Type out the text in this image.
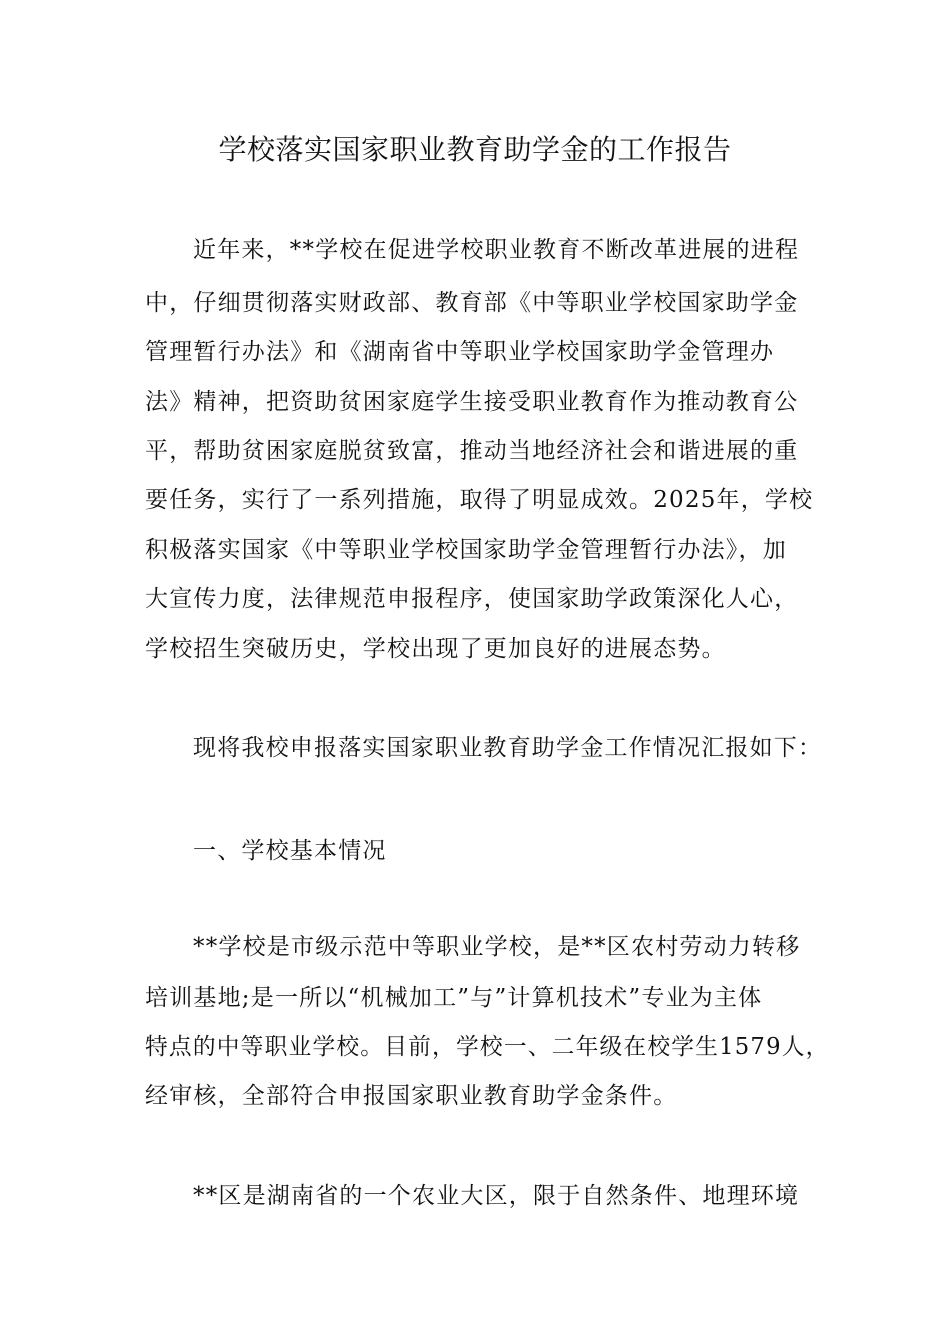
学校落实国家职业教育助学金的工作报告
近年来，**学校在促进学校职业教育不断改革进展的进程
中，仔细贯彻落实财政部、教育部《中等职业学校国家助学金
管理暂行办法》和《湖南省中等职业学校国家助学金管理办
法》精神，把资助贫困家庭学生接受职业教育作为推动教育公
平，帮助贫困家庭脱贫致富，推动当地经济社会和谐进展的重
要任务，实行了一系列措施，取得了明显成效。2025年，学校
积极落实国家《中等职业学校国家助学金管理暂行办法》，加
大宣传力度，法律规范申报程序，使国家助学政策深化人心，
学校招生突破历史，学校出现了更加良好的进展态势。
现将我校申报落实国家职业教育助学金工作情况汇报如下：
一、学校基本情况
**学校是市级示范中等职业学校，是**区农村劳动力转移
培训基地;是一所以“机械加工”与”计算机技术”专业为主体
特点的中等职业学校。目前，学校一、二年级在校学生1579人，
经审核，全部符合申报国家职业教育助学金条件。
**区是湖南省的一个农业大区，限于自然条件、地理环境
